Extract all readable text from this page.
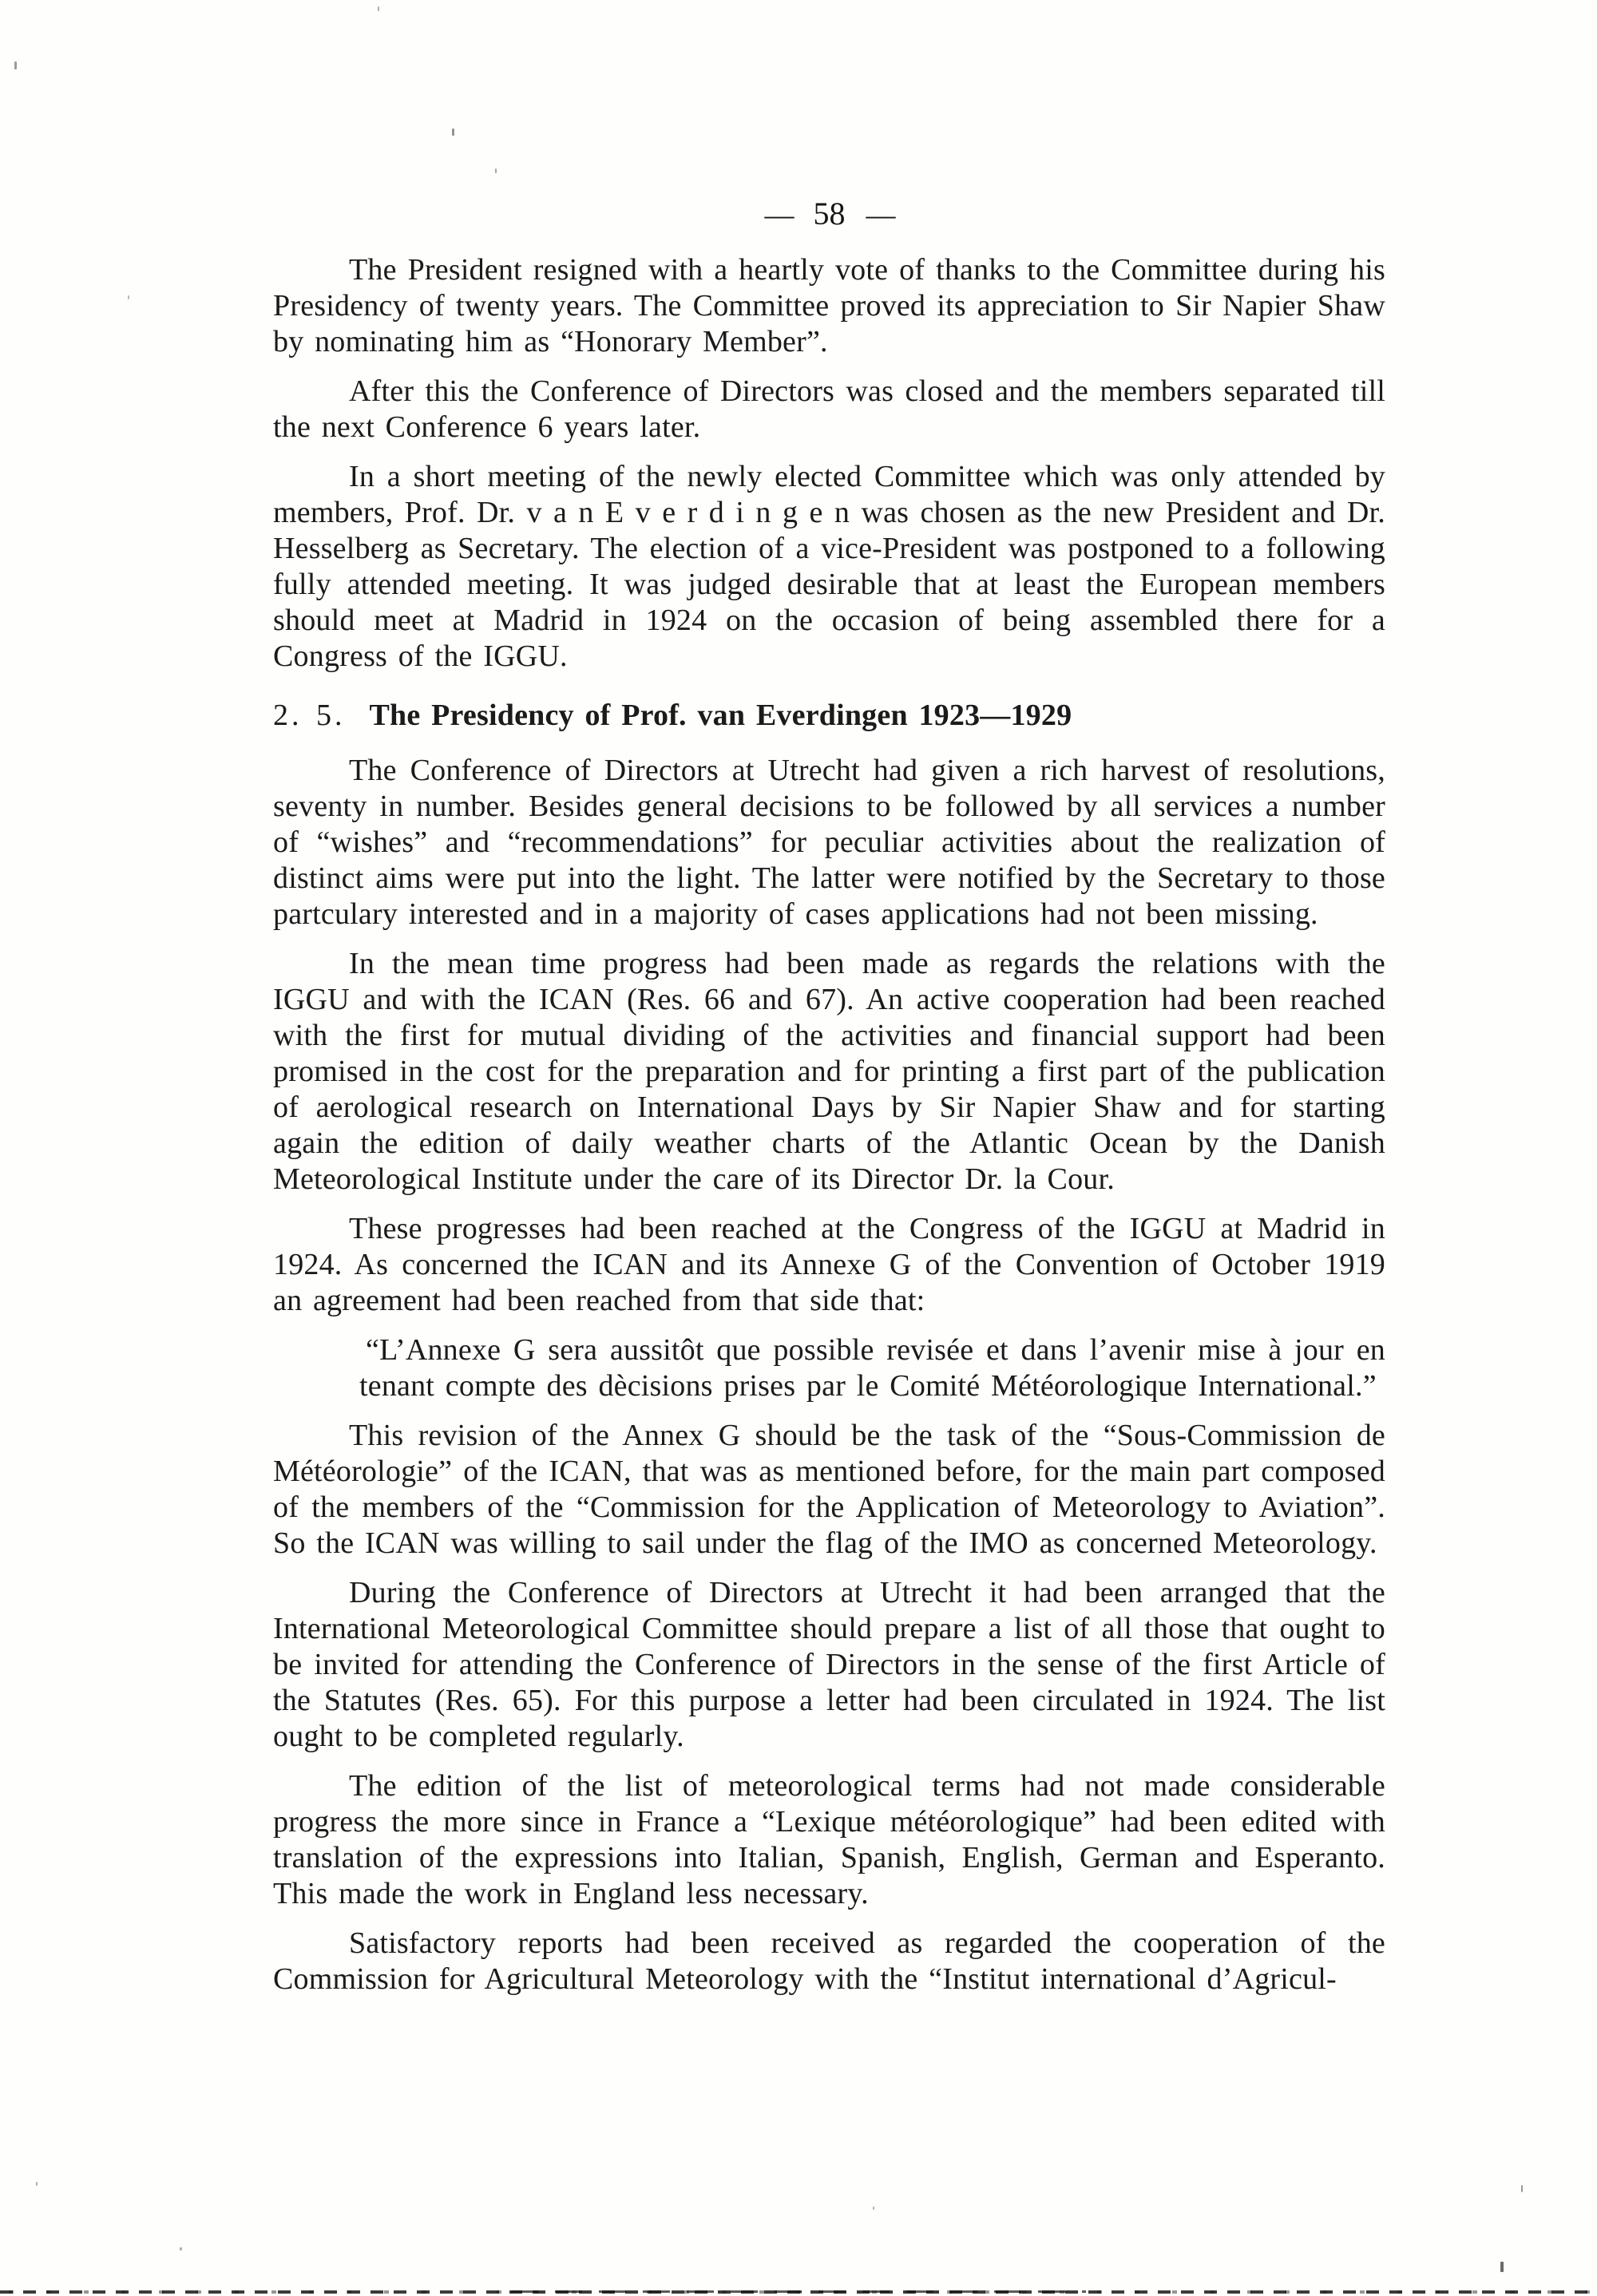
— 58 —

The President resigned with a heartly vote of thanks to the Committee during his Presidency of twenty years. The Committee proved its appreciation to Sir Napier Shaw by nominating him as “Honorary Member”.

After this the Conference of Directors was closed and the members separated till the next Conference 6 years later.

In a short meeting of the newly elected Committee which was only attended by members, Prof. Dr. v a n E v e r d i n g e n was chosen as the new President and Dr. Hesselberg as Secretary. The election of a vice-President was postponed to a following fully attended meeting. It was judged desirable that at least the European members should meet at Madrid in 1924 on the occasion of being assembled there for a Congress of the IGGU.

2. 5. The Presidency of Prof. van Everdingen 1923—1929

The Conference of Directors at Utrecht had given a rich harvest of resolutions, seventy in number. Besides general decisions to be followed by all services a number of “wishes” and “recommendations” for peculiar activities about the realization of distinct aims were put into the light. The latter were notified by the Secretary to those partculary interested and in a majority of cases applications had not been missing.

In the mean time progress had been made as regards the relations with the IGGU and with the ICAN (Res. 66 and 67). An active cooperation had been reached with the first for mutual dividing of the activities and financial support had been promised in the cost for the preparation and for printing a first part of the publication of aerological research on International Days by Sir Napier Shaw and for starting again the edition of daily weather charts of the Atlantic Ocean by the Danish Meteorological Institute under the care of its Director Dr. la Cour.

These progresses had been reached at the Congress of the IGGU at Madrid in 1924. As concerned the ICAN and its Annexe G of the Convention of October 1919 an agreement had been reached from that side that:

“L’Annexe G sera aussitôt que possible revisée et dans l’avenir mise à jour en tenant compte des dècisions prises par le Comité Météorologique International.”

This revision of the Annex G should be the task of the “Sous-Commission de Météorologie” of the ICAN, that was as mentioned before, for the main part composed of the members of the “Commission for the Application of Meteorology to Aviation”. So the ICAN was willing to sail under the flag of the IMO as concerned Meteorology.

During the Conference of Directors at Utrecht it had been arranged that the International Meteorological Committee should prepare a list of all those that ought to be invited for attending the Conference of Directors in the sense of the first Article of the Statutes (Res. 65). For this purpose a letter had been circulated in 1924. The list ought to be completed regularly.

The edition of the list of meteorological terms had not made considerable progress the more since in France a “Lexique météorologique” had been edited with translation of the expressions into Italian, Spanish, English, German and Esperanto. This made the work in England less necessary.

Satisfactory reports had been received as regarded the cooperation of the Commission for Agricultural Meteorology with the “Institut international d’Agricul-
